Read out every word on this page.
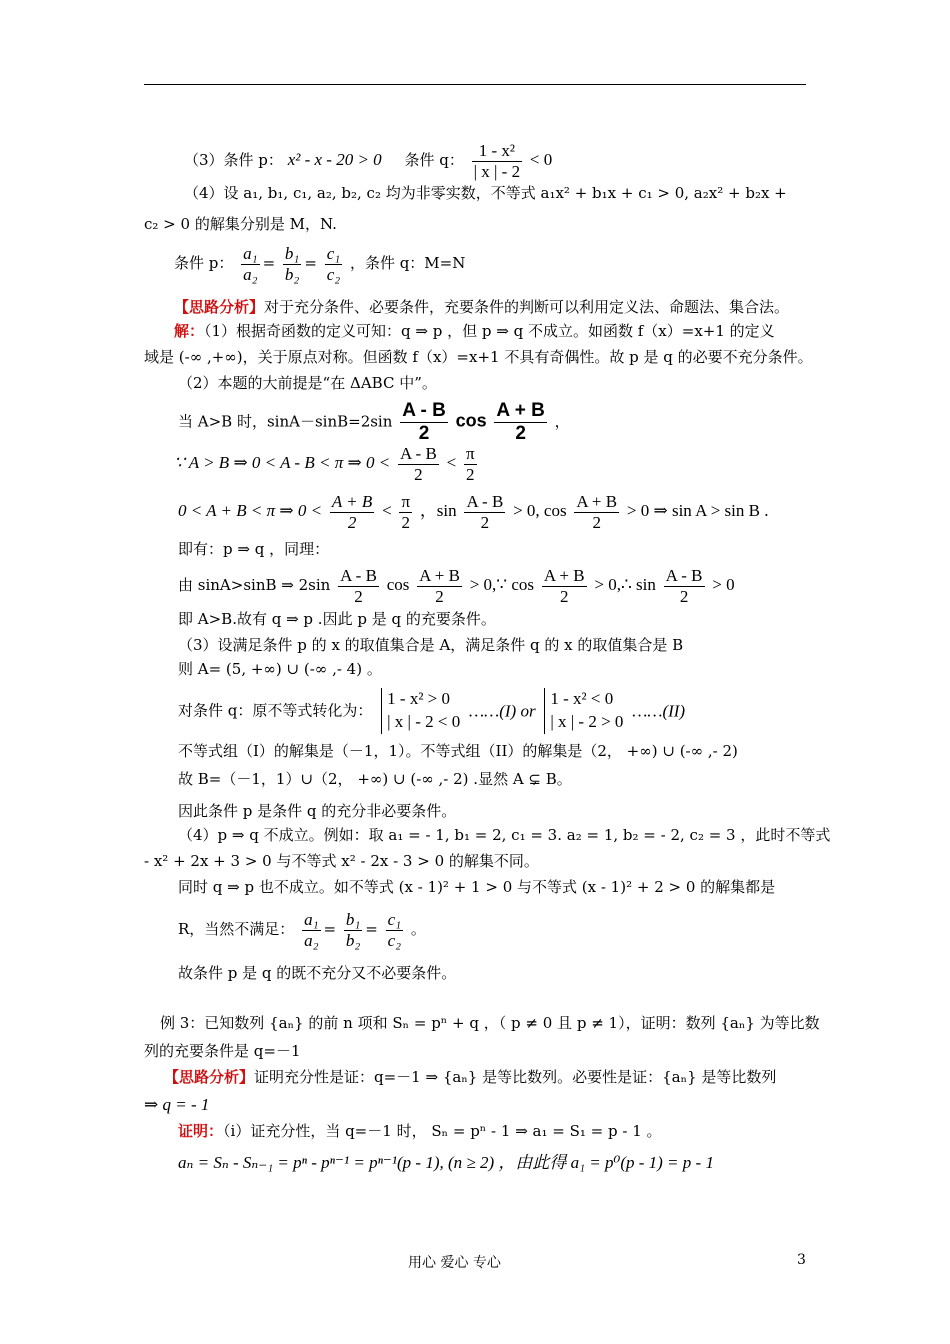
（3）条件 p： x² - x - 20 > 0 条件 q： $\frac{\text{1 - x²}}{| x | - 2} < 0$
（4）设 a₁, b₁, c₁, a₂, b₂, c₂ 均为非零实数，不等式 a₁x² + b₁x + c₁ > 0, a₂x² + b₂x +
c₂ > 0 的解集分别是 M，N.
条件 p： $\frac{\text{a₁}}{\text{a₂}} = \frac{\text{b₁}}{\text{b₂}} = \frac{\text{c₁}}{\text{c₂}}$ ，条件 q：M=N
【思路分析】对于充分条件、必要条件，充要条件的判断可以利用定义法、命题法、集合法。
解：（1）根据奇函数的定义可知：q ⇒ p ，但 p ⇒ q 不成立。如函数 f（x）=x+1 的定义
域是 (-∞ ,+∞)，关于原点对称。但函数 f（x）=x+1 不具有奇偶性。故 p 是 q 的必要不充分条件。
（2）本题的大前提是“在 ΔABC 中”。
当 A>B 时，$\sin A-\sin B=2\sin \frac{A - B}{2}$ $\cos \frac{A + B}{2}$ ，
∵ A > B ⇒ 0 < A - B < π ⇒ $0 < \frac{A - B}{2} < \frac{\pi}{2}$
0 < A + B < π ⇒ $0 < \frac{A + B}{2} < \frac{\pi}{2}$ ，$\sin \frac{A - B}{2} > 0$, $\cos \frac{A + B}{2} > 0$ ⇒ sin A > sin B .
即有：p ⇒ q ，同理：
由 sinA>sinB ⇒ $2\sin \frac{A - B}{2}$ $\cos \frac{A + B}{2}$ > 0,∵ $\cos \frac{A + B}{2}$ > 0,∴ $\sin \frac{A - B}{2} > 0$
即 A>B.故有 q ⇒ p .因此 p 是 q 的充要条件。
（3）设满足条件 p 的 x 的取值集合是 A，满足条件 q 的 x 的取值集合是 B
则 A= (5, +∞) ∪ (-∞ ,- 4) 。
对条件 q：原不等式转化为：
1 - x² > 0
| x | - 2 < 0
……(I) or
1 - x² < 0
| x | - 2 > 0
……(II)
不等式组（I）的解集是（－1，1）。不等式组（II）的解集是（2， +∞) ∪ (-∞ ,- 2)
故 B=（－1，1）∪（2， +∞) ∪ (-∞ ,- 2) .显然 A ⊊ B。
因此条件 p 是条件 q 的充分非必要条件。
（4）p ⇒ q 不成立。例如：取 a₁ = - 1, b₁ = 2, c₁ = 3. a₂ = 1, b₂ = - 2, c₂ = 3 ，此时不等式
- x² + 2x + 3 > 0 与不等式 x² - 2x - 3 > 0 的解集不同。
同时 q ⇒ p 也不成立。如不等式 (x - 1)² + 1 > 0 与不等式 (x - 1)² + 2 > 0 的解集都是
R，当然不满足： $\frac{\text{a₁}}{\text{a₂}} = \frac{\text{b₁}}{\text{b₂}} = \frac{\text{c₁}}{\text{c₂}}$ 。
故条件 p 是 q 的既不充分又不必要条件。
例 3：已知数列 {aₙ} 的前 n 项和 Sₙ = pⁿ + q ，（ p ≠ 0 且 p ≠ 1），证明：数列 {aₙ} 为等比数
列的充要条件是 q=－1
【思路分析】证明充分性是证：q=－1 ⇒ {aₙ} 是等比数列。必要性是证：{aₙ} 是等比数列
⇒ q = - 1
证明：（i）证充分性，当 q=－1 时， Sₙ = pⁿ - 1 ⇒ a₁ = S₁ = p - 1 。
aₙ = Sₙ - Sₙ₋₁ = pⁿ - pⁿ⁻¹ = pⁿ⁻¹(p - 1), (n ≥ 2) ，由此得 a₁ = p⁰(p - 1) = p - 1
用心 爱心 专心	3
